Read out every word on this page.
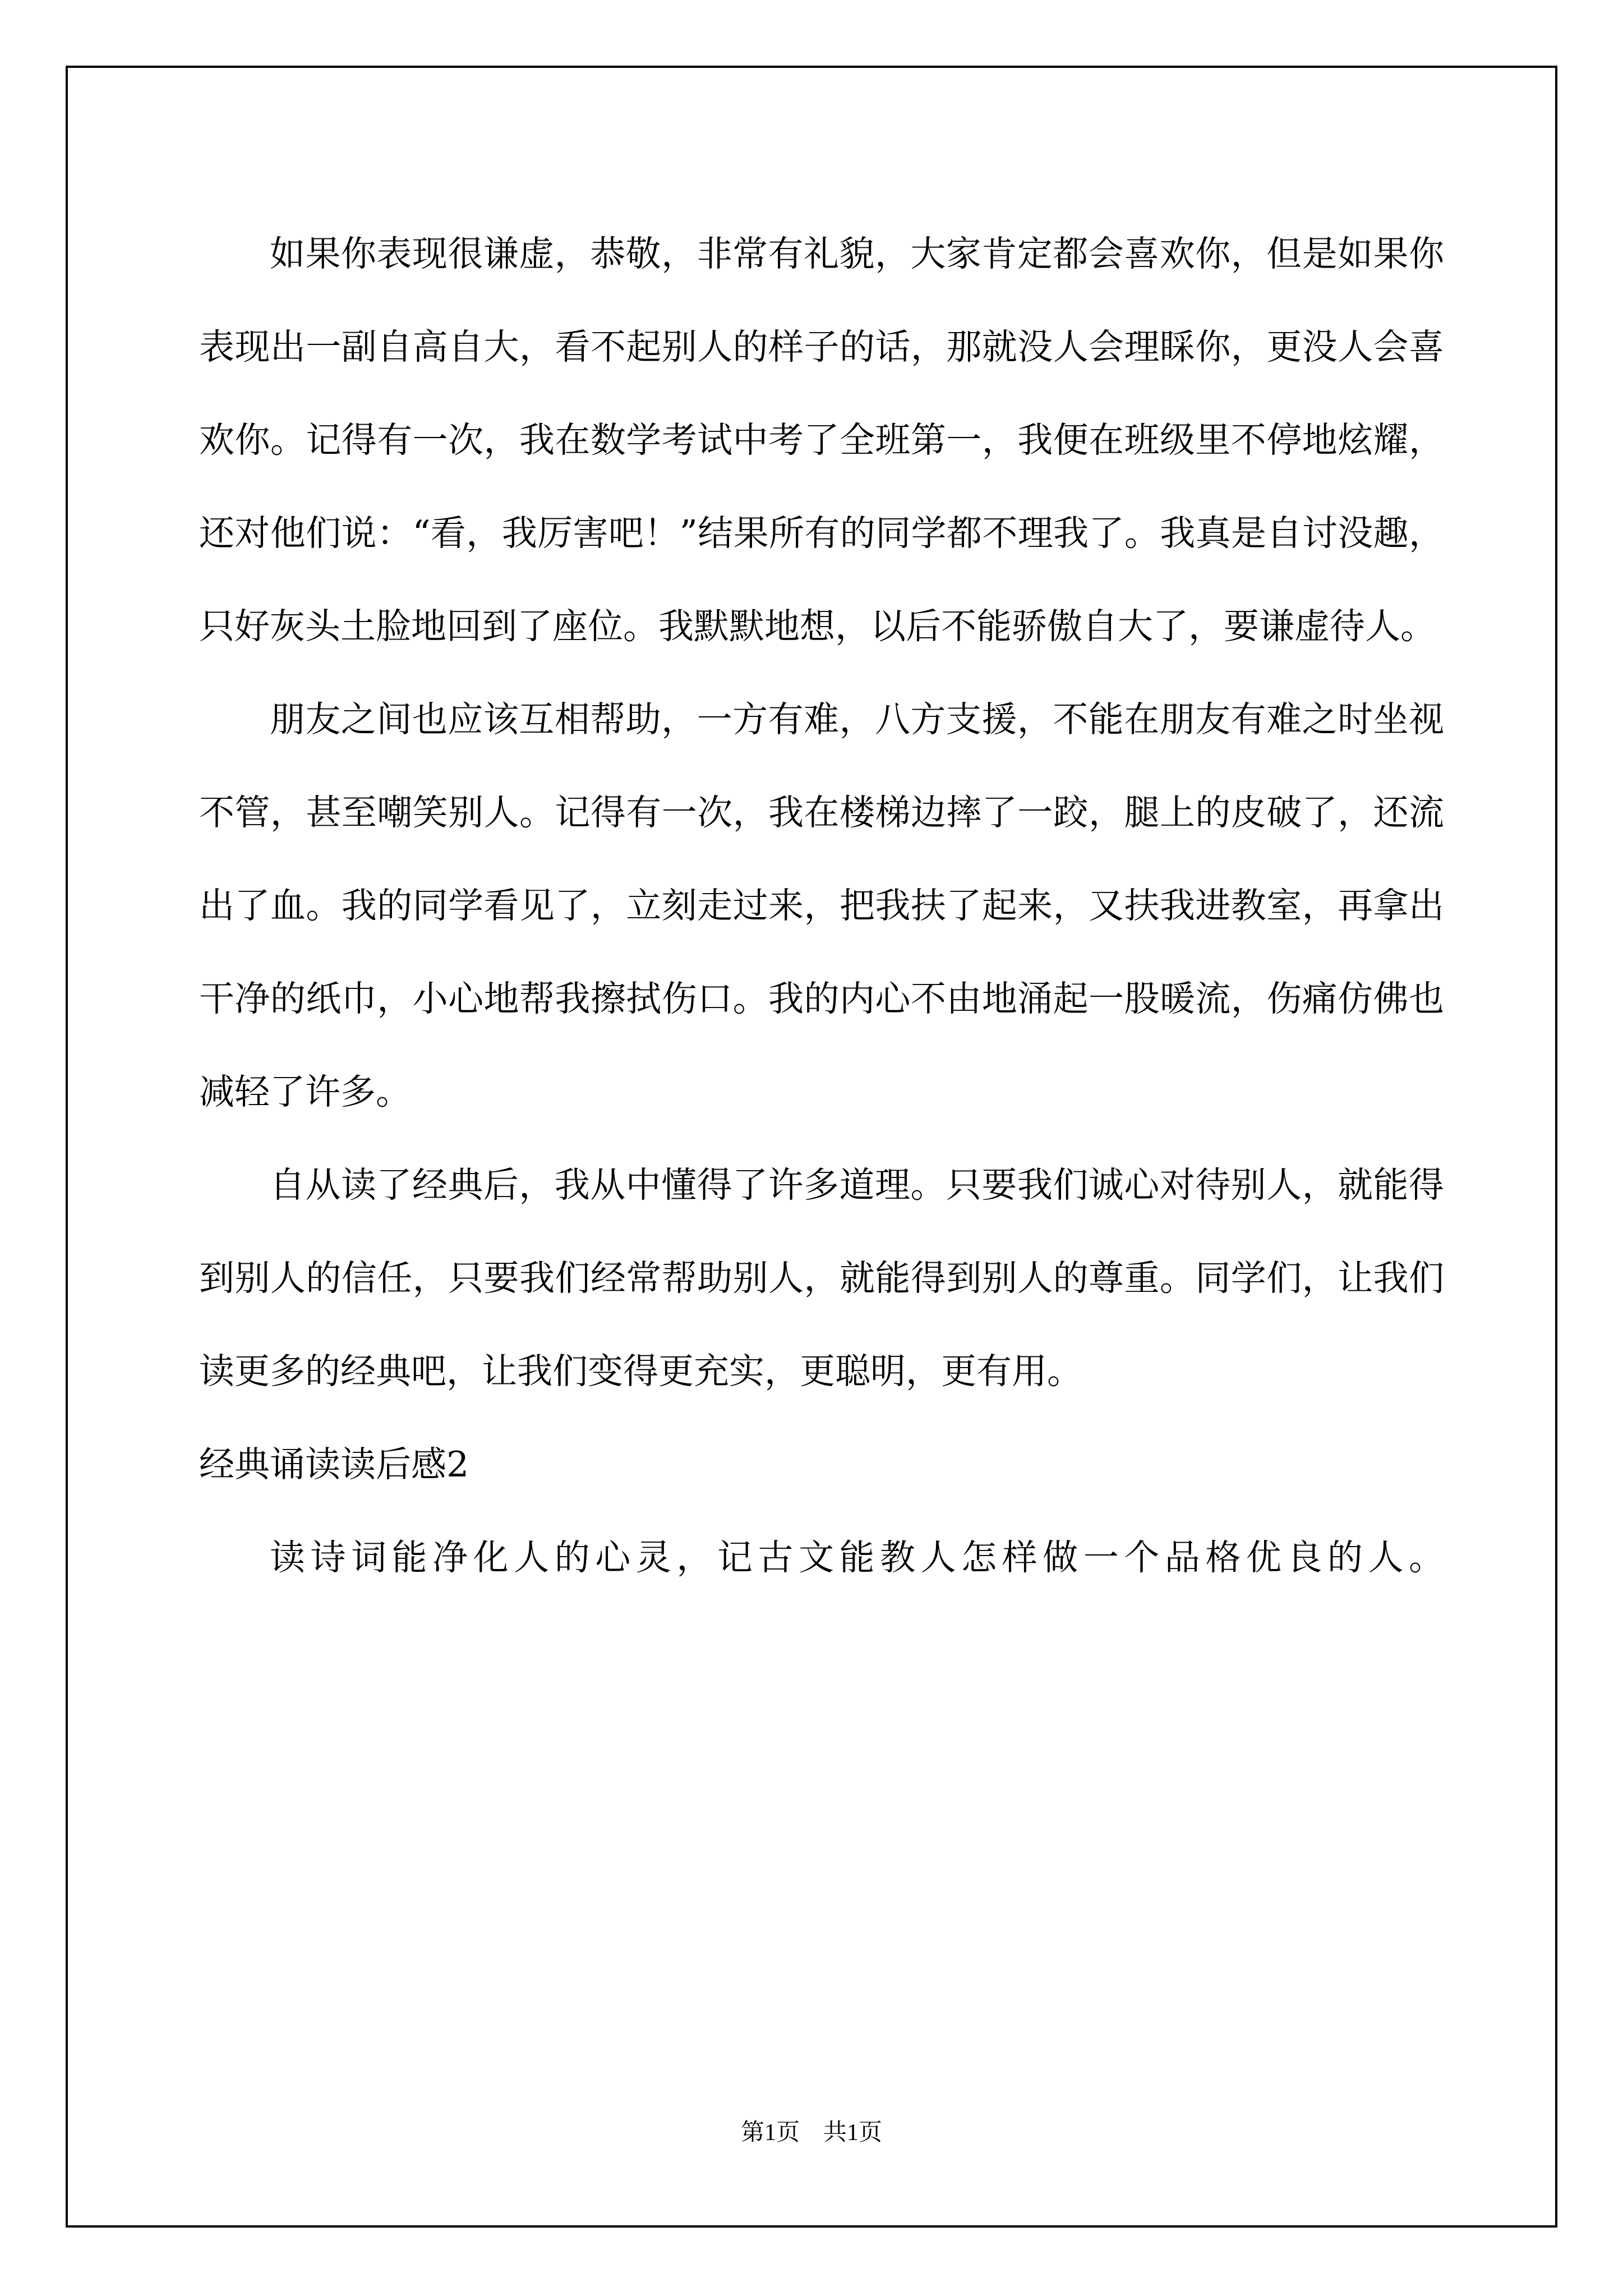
如果你表现很谦虚，恭敬，非常有礼貌，大家肯定都会喜欢你，但是如果你表现出一副自高自大，看不起别人的样子的话，那就没人会理睬你，更没人会喜欢你。记得有一次，我在数学考试中考了全班第一，我便在班级里不停地炫耀，还对他们说：“看，我厉害吧！”结果所有的同学都不理我了。我真是自讨没趣，只好灰头土脸地回到了座位。我默默地想，以后不能骄傲自大了，要谦虚待人。

朋友之间也应该互相帮助，一方有难，八方支援，不能在朋友有难之时坐视不管，甚至嘲笑别人。记得有一次，我在楼梯边摔了一跤，腿上的皮破了，还流出了血。我的同学看见了，立刻走过来，把我扶了起来，又扶我进教室，再拿出干净的纸巾，小心地帮我擦拭伤口。我的内心不由地涌起一股暖流，伤痛仿佛也减轻了许多。

自从读了经典后，我从中懂得了许多道理。只要我们诚心对待别人，就能得到别人的信任，只要我们经常帮助别人，就能得到别人的尊重。同学们，让我们读更多的经典吧，让我们变得更充实，更聪明，更有用。

经典诵读读后感2

读诗词能净化人的心灵，记古文能教人怎样做一个品格优良的人。

第1页　共1页
